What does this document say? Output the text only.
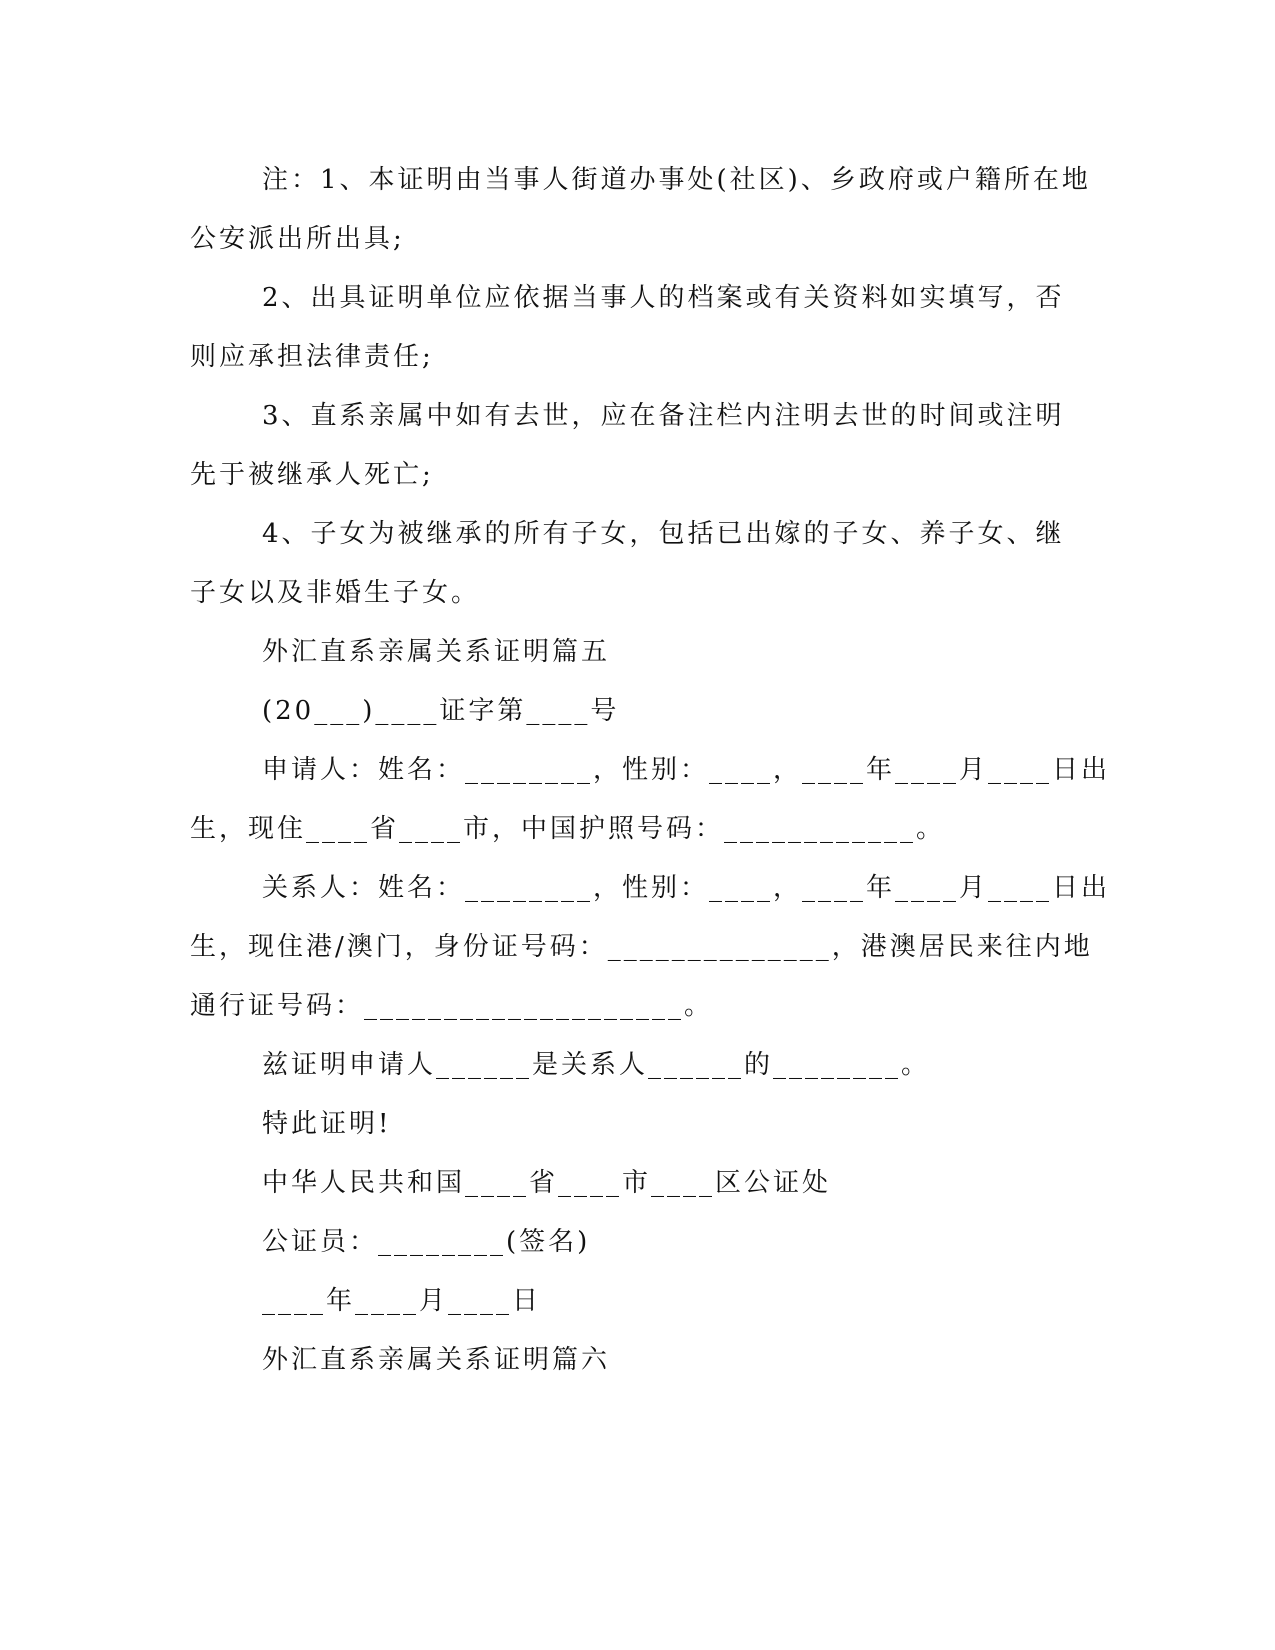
注：1、本证明由当事人街道办事处(社区)、乡政府或户籍所在地
公安派出所出具;
2、出具证明单位应依据当事人的档案或有关资料如实填写，否
则应承担法律责任;
3、直系亲属中如有去世，应在备注栏内注明去世的时间或注明
先于被继承人死亡;
4、子女为被继承的所有子女，包括已出嫁的子女、养子女、继
子女以及非婚生子女。
外汇直系亲属关系证明篇五
(20___)____证字第____号
申请人：姓名：________，性别：____，____年____月____日出
生，现住____省____市，中国护照号码：____________。
关系人：姓名：________，性别：____，____年____月____日出
生，现住港/澳门，身份证号码：______________，港澳居民来往内地
通行证号码：____________________。
兹证明申请人______是关系人______的________。
特此证明!
中华人民共和国____省____市____区公证处
公证员：________(签名)
____年____月____日
外汇直系亲属关系证明篇六
